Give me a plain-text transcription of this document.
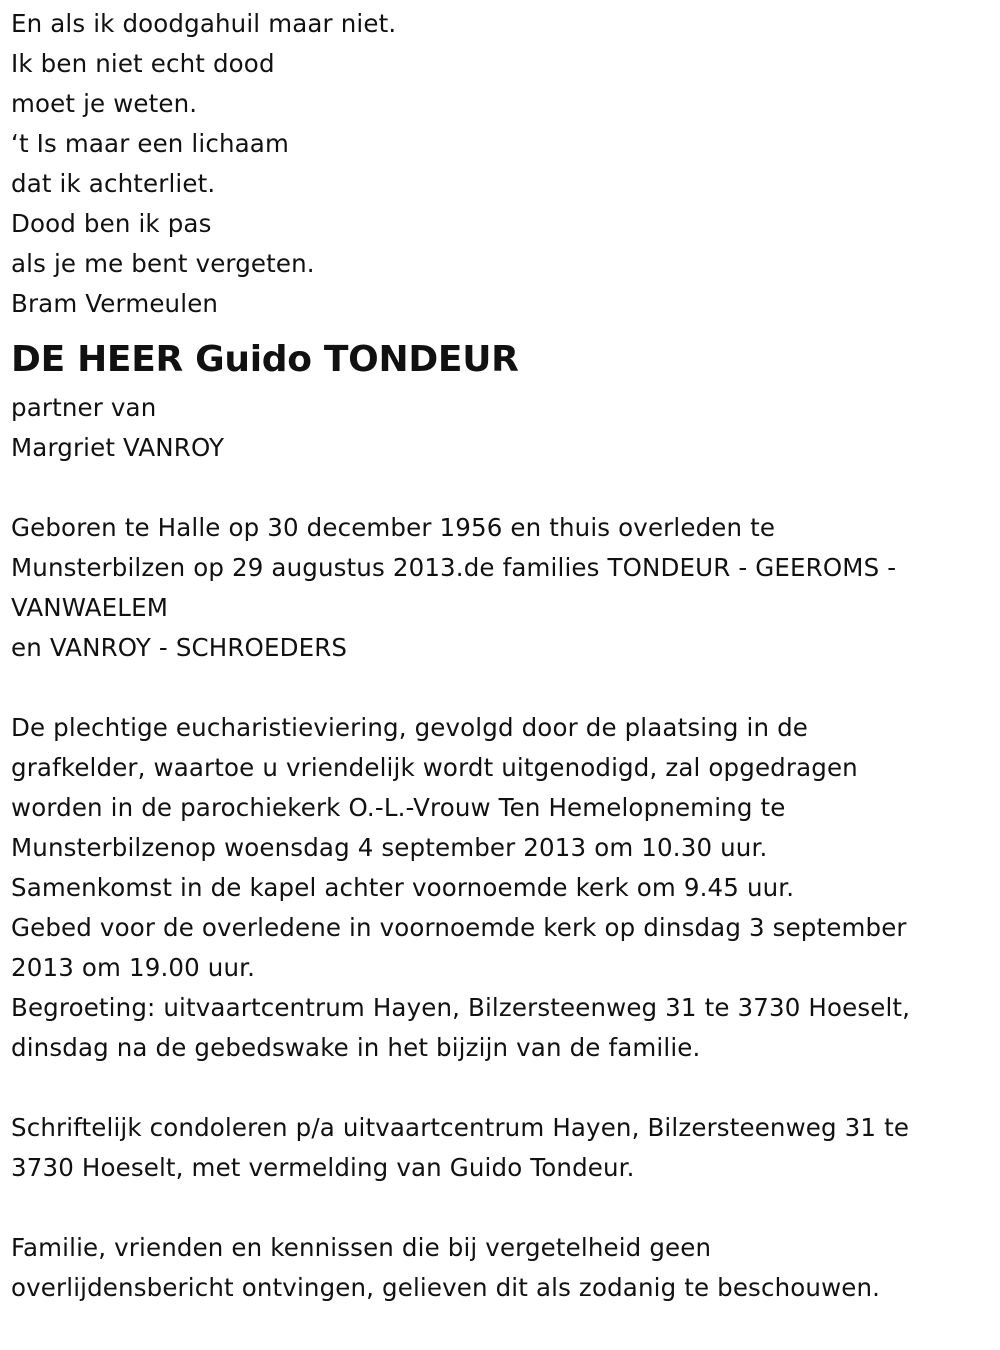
En als ik doodgahuil maar niet.
Ik ben niet echt dood
moet je weten.
‘t Is maar een lichaam
dat ik achterliet.
Dood ben ik pas
als je me bent vergeten.
Bram Vermeulen
DE HEER Guido TONDEUR
partner van
Margriet VANROY
Geboren te Halle op 30 december 1956 en thuis overleden te
Munsterbilzen op 29 augustus 2013.de families TONDEUR - GEEROMS -
VANWAELEM
en VANROY - SCHROEDERS
De plechtige eucharistieviering, gevolgd door de plaatsing in de
grafkelder, waartoe u vriendelijk wordt uitgenodigd, zal opgedragen
worden in de parochiekerk O.-L.-Vrouw Ten Hemelopneming te
Munsterbilzenop woensdag 4 september 2013 om 10.30 uur.
Samenkomst in de kapel achter voornoemde kerk om 9.45 uur.
Gebed voor de overledene in voornoemde kerk op dinsdag 3 september
2013 om 19.00 uur.
Begroeting: uitvaartcentrum Hayen, Bilzersteenweg 31 te 3730 Hoeselt,
dinsdag na de gebedswake in het bijzijn van de familie.
Schriftelijk condoleren p/a uitvaartcentrum Hayen, Bilzersteenweg 31 te
3730 Hoeselt, met vermelding van Guido Tondeur.
Familie, vrienden en kennissen die bij vergetelheid geen
overlijdensbericht ontvingen, gelieven dit als zodanig te beschouwen.
